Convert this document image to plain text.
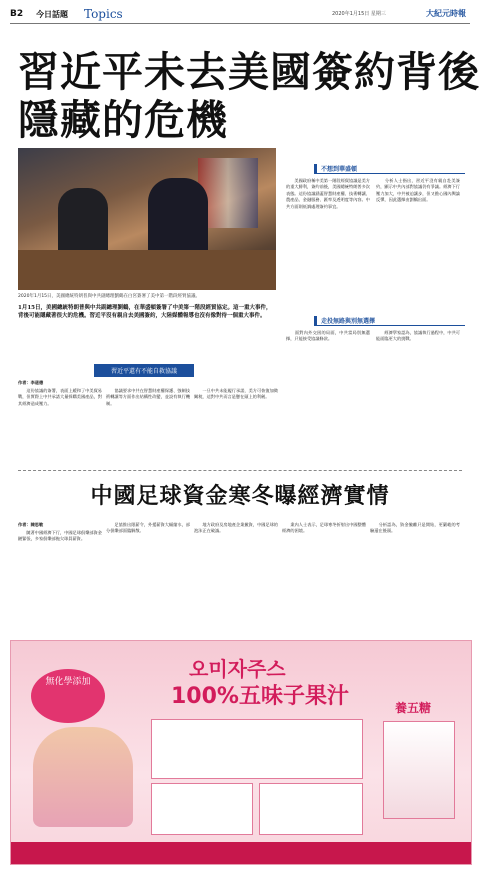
B2 今日話題 Topics	2020年1月15日 星期三	大紀元時報
習近平未去美國簽約背後
隱藏的危機
2020年1月15日，美國總統特朗普與中共副總理劉鶴在白宮簽署了美中第一階段經貿協議。
不想到華盛頓
　　美國政府稱中美第一階段經貿協議是美方的重大勝利，簽約前後，美國總統特朗普多次表態。這份協議涵蓋智慧財產權、技術轉讓、農產品、金融服務、匯率及透明度等內容。中共方面則低調處理簽約事宜。
　　分析人士指出，習近平沒有親自赴美簽約，顯示中共內部對協議仍有爭議。經濟下行壓力加大，中共被迫讓步，但又擔心國內輿論反彈，因此選擇由劉鶴出面。
1月15日，美國總統特朗普與中共副總理劉鶴，在華盛頓簽署了中美第一階段經貿協定。這一重大事件，背後可能隱藏著很大的危機。習近平沒有親自去美國簽約，大陸媒體報導也沒有像對待一個重大事件。
習近平還有不能自救協議
作者：李道德
　　這份協議的簽署，表面上緩和了中美貿易戰，但實際上中共承諾大量採購美國產品，對其經濟造成壓力。
　　協議要求中共在智慧財產權保護、強制技術轉讓等方面作出結構性改變，並設有執行機制。
　　一旦中共未能履行承諾，美方可恢復加徵關稅，這對中共而言是懸在頭上的利劍。
走投無路與別無選擇
　　面對內外交困的局面，中共當局別無選擇，只能接受協議條款。
　　經濟學家認為，協議執行過程中，中共可能面臨更大的挑戰。
中國足球資金寒冬曝經濟實情
作者：陳思敏
　　隨著中國經濟下行，中國足球俱樂部資金鏈緊張，多家俱樂部拖欠球員薪資。
　　足協推出限薪令，外援薪資大幅縮水，部分俱樂部面臨解散。
　　地方政府及房地產企業撤資，中國足球的泡沫正在破滅。
　　業內人士表示，足球寒冬折射出中國整體經濟的困境。
　　分析認為，資金撤離只是開始，更嚴峻的考驗還在後頭。
無化學添加
오미자주스
100%五味子果汁	養五糖
